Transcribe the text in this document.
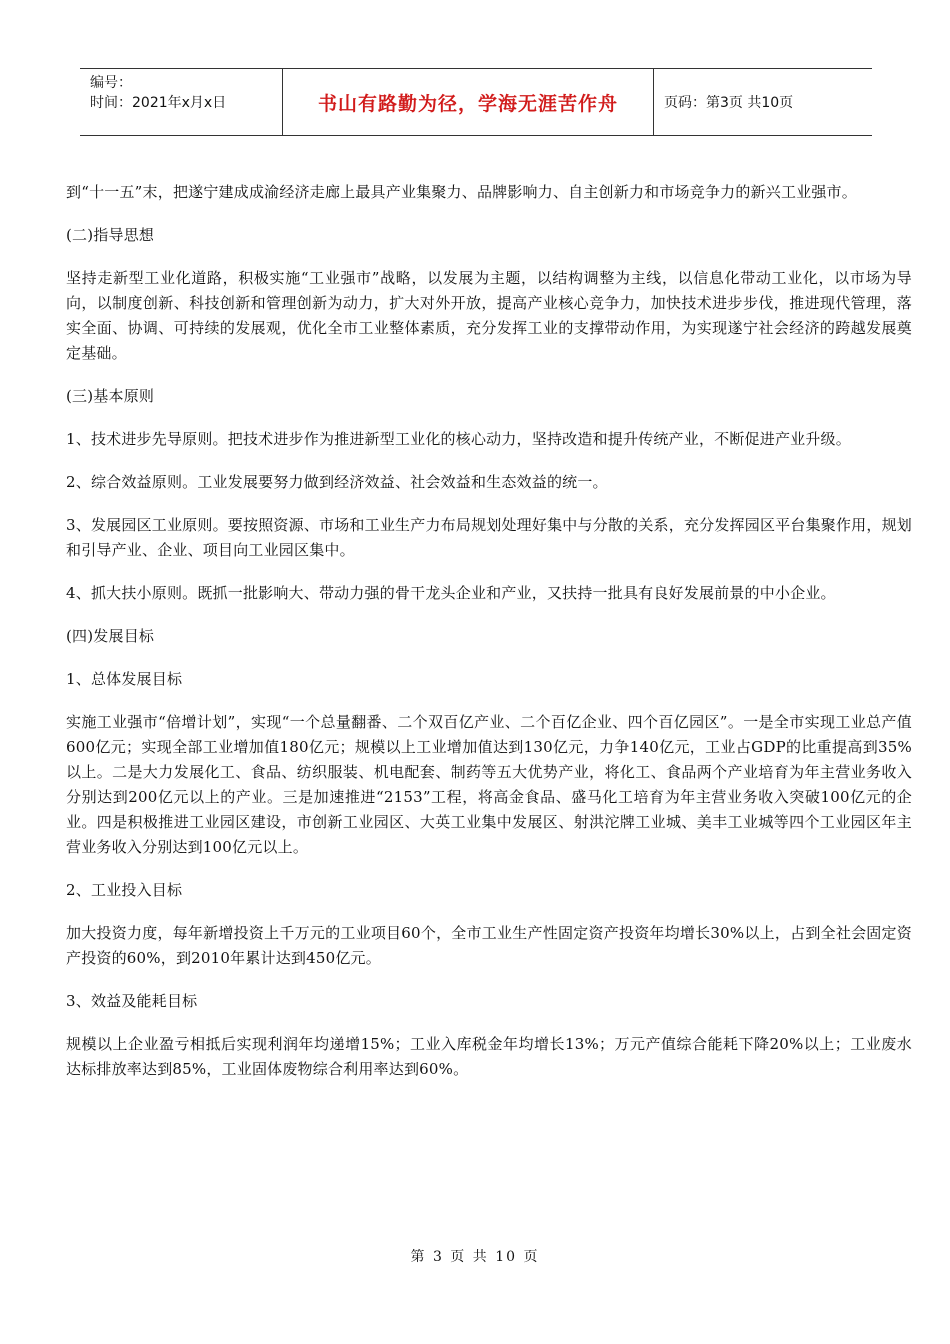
编号：
时间：2021年x月x日	书山有路勤为径，学海无涯苦作舟	页码：第3页 共10页

到“十一五”末，把遂宁建成成渝经济走廊上最具产业集聚力、品牌影响力、自主创新力和市场竞争力的新兴工业强市。

(二)指导思想

坚持走新型工业化道路，积极实施“工业强市”战略，以发展为主题，以结构调整为主线，以信息化带动工业化，以市场为导向，以制度创新、科技创新和管理创新为动力，扩大对外开放，提高产业核心竞争力，加快技术进步步伐，推进现代管理，落实全面、协调、可持续的发展观，优化全市工业整体素质，充分发挥工业的支撑带动作用，为实现遂宁社会经济的跨越发展奠定基础。

(三)基本原则

1、技术进步先导原则。把技术进步作为推进新型工业化的核心动力，坚持改造和提升传统产业，不断促进产业升级。

2、综合效益原则。工业发展要努力做到经济效益、社会效益和生态效益的统一。

3、发展园区工业原则。要按照资源、市场和工业生产力布局规划处理好集中与分散的关系，充分发挥园区平台集聚作用，规划和引导产业、企业、项目向工业园区集中。

4、抓大扶小原则。既抓一批影响大、带动力强的骨干龙头企业和产业，又扶持一批具有良好发展前景的中小企业。

(四)发展目标

1、总体发展目标

实施工业强市“倍增计划”，实现“一个总量翻番、二个双百亿产业、二个百亿企业、四个百亿园区”。一是全市实现工业总产值600亿元；实现全部工业增加值180亿元；规模以上工业增加值达到130亿元，力争140亿元，工业占GDP的比重提高到35%以上。二是大力发展化工、食品、纺织服装、机电配套、制药等五大优势产业，将化工、食品两个产业培育为年主营业务收入分别达到200亿元以上的产业。三是加速推进“2153”工程，将高金食品、盛马化工培育为年主营业务收入突破100亿元的企业。四是积极推进工业园区建设，市创新工业园区、大英工业集中发展区、射洪沱牌工业城、美丰工业城等四个工业园区年主营业务收入分别达到100亿元以上。

2、工业投入目标

加大投资力度，每年新增投资上千万元的工业项目60个，全市工业生产性固定资产投资年均增长30%以上，占到全社会固定资产投资的60%，到2010年累计达到450亿元。

3、效益及能耗目标

规模以上企业盈亏相抵后实现利润年均递增15%；工业入库税金年均增长13%；万元产值综合能耗下降20%以上；工业废水达标排放率达到85%，工业固体废物综合利用率达到60%。

第 3 页 共 10 页
